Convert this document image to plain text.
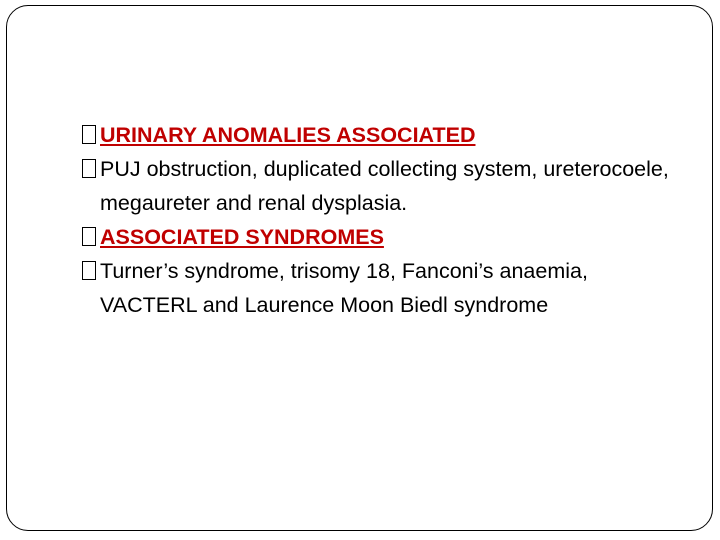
URINARY ANOMALIES ASSOCIATED

PUJ obstruction, duplicated collecting system, ureterocoele, megaureter and renal dysplasia.

ASSOCIATED SYNDROMES

Turner’s syndrome, trisomy 18, Fanconi’s anaemia, VACTERL and Laurence Moon Biedl syndrome
